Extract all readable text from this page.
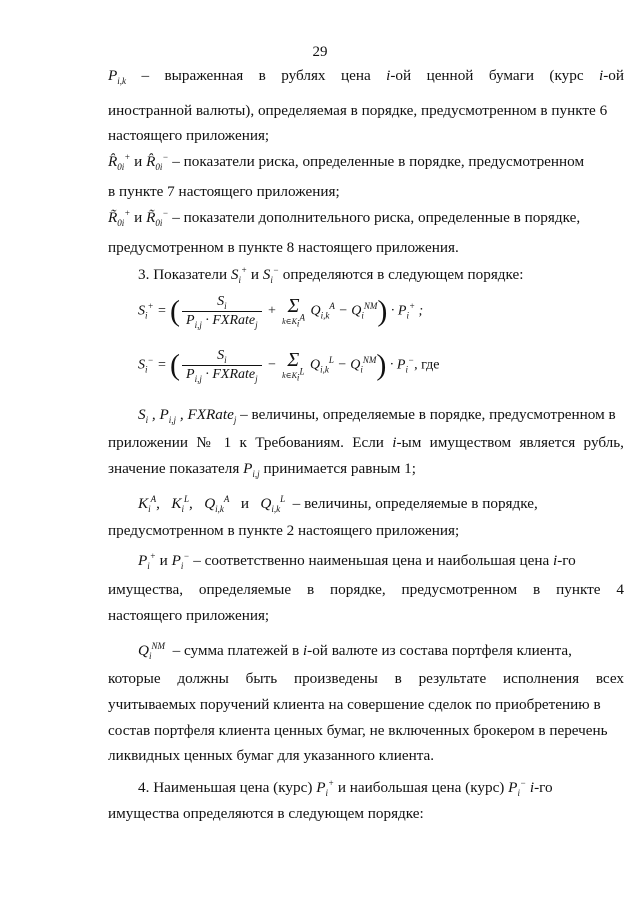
29
$P_{i,k}$ – выраженная в рублях цена i-ой ценной бумаги (курс i-ой
иностранной валюты), определяемая в порядке, предусмотренном в пункте 6
настоящего приложения;
$R̂_{0i}^+$ и $R̂_{0i}^-$ – показатели риска, определенные в порядке, предусмотренном
в пункте 7 настоящего приложения;
$R̃_{0i}^+$ и $R̃_{0i}^-$ – показатели дополнительного риска, определенные в порядке,
предусмотренном в пункте 8 настоящего приложения.
3. Показатели $S_i^+$ и $S_i^-$ определяются в следующем порядке:
$S_i^+$ = ( $\frac{S_i}{P_{i,j} \cdot FXRate_j} + \Sigma$
$k\in K_i^A$ $Q_{i,k}^A - Q_i^{NM}) \cdot P_i^+$ ;
$S_i^-$ = ( $\frac{S_i}{P_{i,j} \cdot FXRate_j} - \Sigma$
$k\in K_i^L$ $Q_{i,k}^L - Q_i^{NM}) \cdot P_i^-$, где
$S_i$ , $P_{i,j}$ , FXRate$_j$ – величины, определяемые в порядке, предусмотренном в
приложении № 1 к Требованиям. Если i-ым имуществом является рубль,
значение показателя $P_{i,j}$ принимается равным 1;
$K_i^A$,   $K_i^L$,   $Q_{i,k}^A$ и $Q_{i,k}^L$ – величины, определяемые в порядке,
предусмотренном в пункте 2 настоящего приложения;
$P_i^+$ и $P_i^-$ – соответственно наименьшая цена и наибольшая цена i-го
имущества, определяемые в порядке, предусмотренном в пункте 4
настоящего приложения;
$Q_i^{NM}$ – сумма платежей в i-ой валюте из состава портфеля клиента,
которые должны быть произведены в результате исполнения всех
учитываемых поручений клиента на совершение сделок по приобретению в
состав портфеля клиента ценных бумаг, не включенных брокером в перечень
ликвидных ценных бумаг для указанного клиента.
4. Наименьшая цена (курс) $P_i^+$ и наибольшая цена (курс) $P_i^-$ i-го
имущества определяются в следующем порядке:
